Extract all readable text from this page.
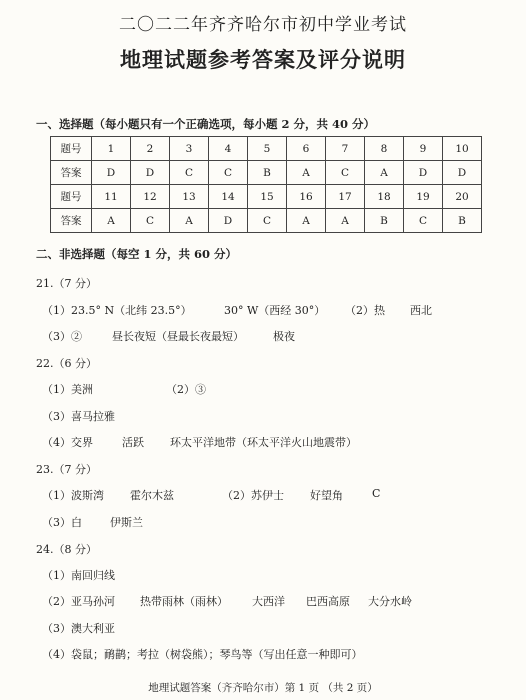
二〇二二年齐齐哈尔市初中学业考试
地理试题参考答案及评分说明
一、选择题（每小题只有一个正确选项，每小题 2 分，共 40 分）
题号	1	2	3	4	5	6	7	8	9	10
答案	D	D	C	C	B	A	C	A	D	D
题号	11	12	13	14	15	16	17	18	19	20
答案	A	C	A	D	C	A	A	B	C	B
二、非选择题（每空 1 分，共 60 分）
21.（7 分）
（1）23.5° N（北纬 23.5°）	30° W（西经 30°） （2）热 西北
（3）②	昼长夜短（昼最长夜最短）	极夜
22.（6 分）
（1）美洲	（2）③
（3）喜马拉雅
（4）交界	活跃 环太平洋地带（环太平洋火山地震带）
23.（7 分）
（1）波斯湾 霍尔木兹	（2）苏伊士 好望角	C
（3）白	伊斯兰
24.（8 分）
（1）南回归线
（2）亚马孙河 热带雨林（雨林） 大西洋 巴西高原 大分水岭
（3）澳大利亚
（4）袋鼠；鸸鹋；考拉（树袋熊）；琴鸟等（写出任意一种即可）
地理试题答案（齐齐哈尔市）第 1 页 （共 2 页）
